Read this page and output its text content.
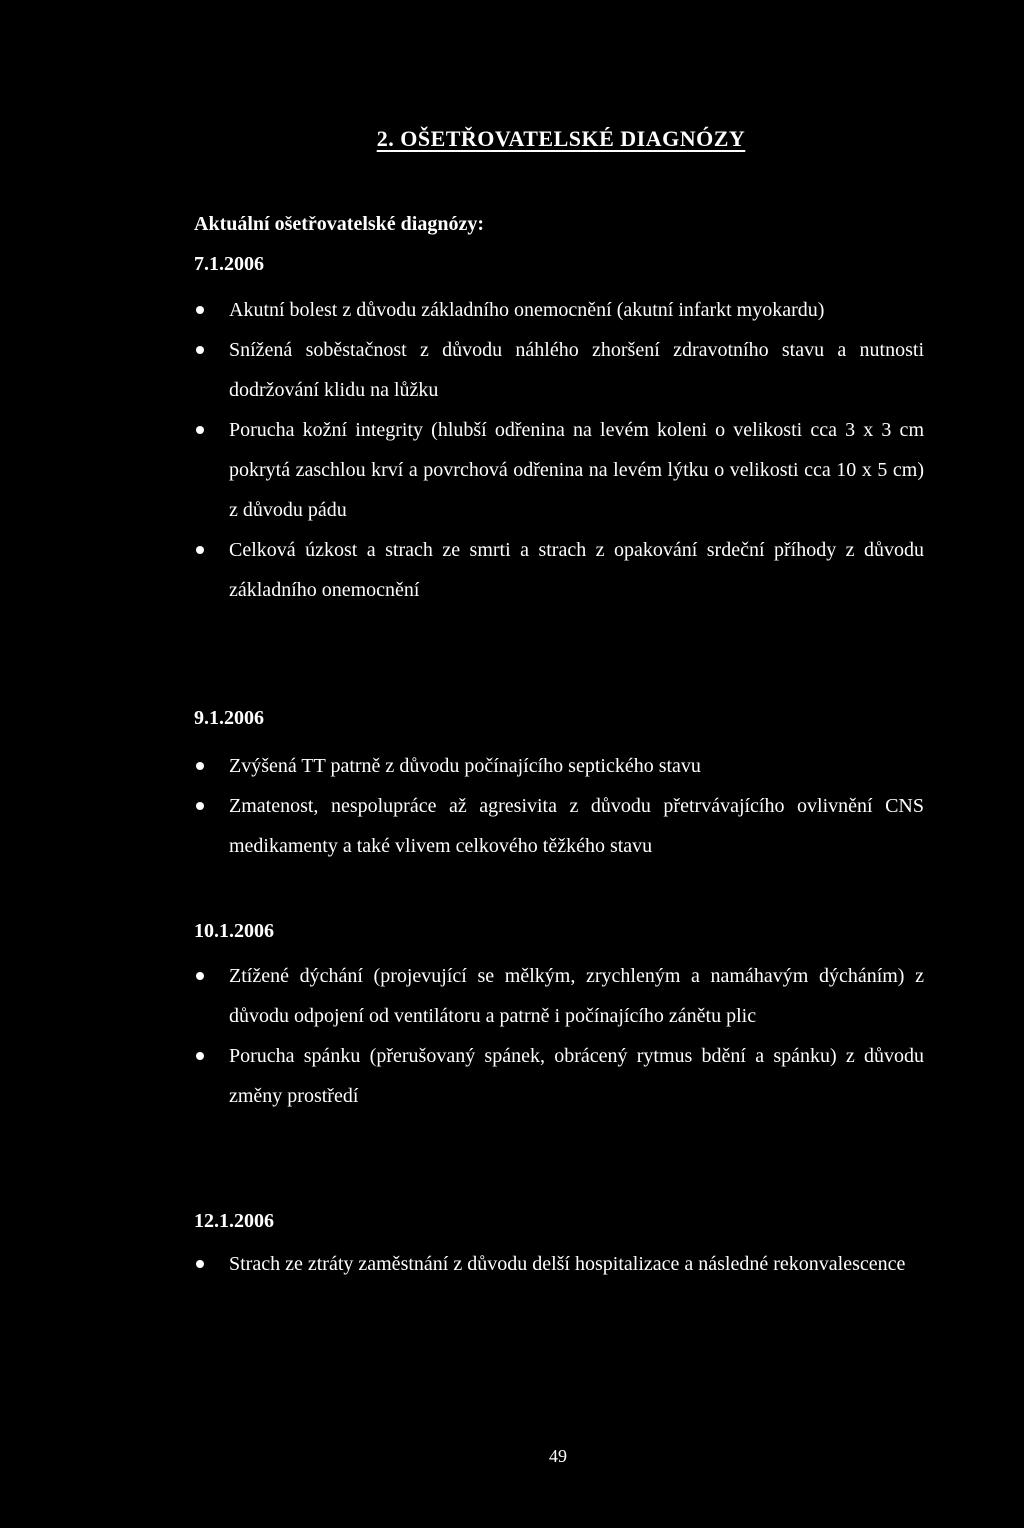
2. OŠETŘOVATELSKÉ DIAGNÓZY
Aktuální ošetřovatelské diagnózy:
7.1.2006
Akutní bolest z důvodu základního onemocnění (akutní infarkt myokardu)
Snížená soběstačnost z důvodu náhlého zhoršení zdravotního stavu a nutnosti dodržování klidu na lůžku
Porucha kožní integrity (hlubší odřenina na levém koleni o velikosti cca 3 x 3 cm pokrytá zaschlou krví a povrchová odřenina na levém lýtku o velikosti cca 10 x 5 cm) z důvodu pádu
Celková úzkost a strach ze smrti a strach z opakování srdeční příhody z důvodu základního onemocnění
9.1.2006
Zvýšená TT patrně z důvodu počínajícího septického stavu
Zmatenost, nespolupráce až agresivita z důvodu přetrvávajícího ovlivnění CNS medikamenty a také vlivem celkového těžkého stavu
10.1.2006
Ztížené dýchání (projevující se mělkým, zrychleným a namáhavým dýcháním) z důvodu odpojení od ventilátoru a patrně i počínajícího zánětu plic
Porucha spánku (přerušovaný spánek, obrácený rytmus bdění a spánku) z důvodu změny prostředí
12.1.2006
Strach ze ztráty zaměstnání z důvodu delší hospitalizace a následné rekonvalescence
49
